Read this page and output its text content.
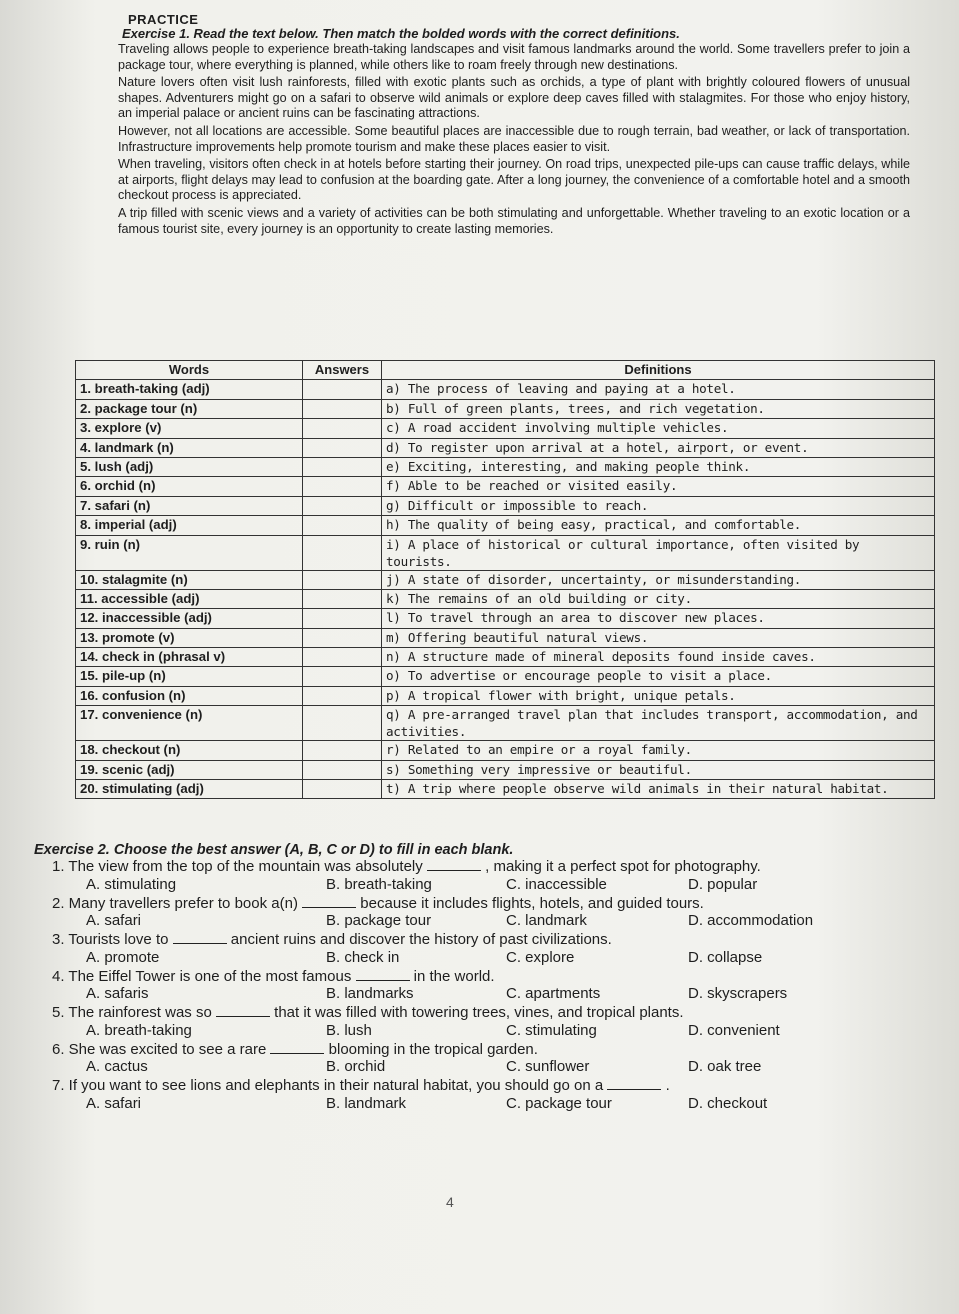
PRACTICE
Exercise 1. Read the text below. Then match the bolded words with the correct definitions.

Traveling allows people to experience breath-taking landscapes and visit famous landmarks around the world. Some travellers prefer to join a package tour, where everything is planned, while others like to roam freely through new destinations.

Nature lovers often visit lush rainforests, filled with exotic plants such as orchids, a type of plant with brightly coloured flowers of unusual shapes. Adventurers might go on a safari to observe wild animals or explore deep caves filled with stalagmites. For those who enjoy history, an imperial palace or ancient ruins can be fascinating attractions.

However, not all locations are accessible. Some beautiful places are inaccessible due to rough terrain, bad weather, or lack of transportation. Infrastructure improvements help promote tourism and make these places easier to visit.

When traveling, visitors often check in at hotels before starting their journey. On road trips, unexpected pile-ups can cause traffic delays, while at airports, flight delays may lead to confusion at the boarding gate. After a long journey, the convenience of a comfortable hotel and a smooth checkout process is appreciated.

A trip filled with scenic views and a variety of activities can be both stimulating and unforgettable. Whether traveling to an exotic location or a famous tourist site, every journey is an opportunity to create lasting memories.

Words	Answers	Definitions
1. breath-taking (adj)		a) The process of leaving and paying at a hotel.
2. package tour (n)		b) Full of green plants, trees, and rich vegetation.
3. explore (v)		c) A road accident involving multiple vehicles.
4. landmark (n)		d) To register upon arrival at a hotel, airport, or event.
5. lush (adj)		e) Exciting, interesting, and making people think.
6. orchid (n)		f) Able to be reached or visited easily.
7. safari (n)		g) Difficult or impossible to reach.
8. imperial (adj)		h) The quality of being easy, practical, and comfortable.
9. ruin (n)		i) A place of historical or cultural importance, often visited by tourists.
10. stalagmite (n)		j) A state of disorder, uncertainty, or misunderstanding.
11. accessible (adj)		k) The remains of an old building or city.
12. inaccessible (adj)		l) To travel through an area to discover new places.
13. promote (v)		m) Offering beautiful natural views.
14. check in (phrasal v)		n) A structure made of mineral deposits found inside caves.
15. pile-up (n)		o) To advertise or encourage people to visit a place.
16. confusion (n)		p) A tropical flower with bright, unique petals.
17. convenience (n)		q) A pre-arranged travel plan that includes transport, accommodation, and activities.
18. checkout (n)		r) Related to an empire or a royal family.
19. scenic (adj)		s) Something very impressive or beautiful.
20. stimulating (adj)		t) A trip where people observe wild animals in their natural habitat.
Exercise 2. Choose the best answer (A, B, C or D) to fill in each blank.
1. The view from the top of the mountain was absolutely	, making it a perfect spot for photography.
A. stimulating	B. breath-taking	C. inaccessible	D. popular
2. Many travellers prefer to book a(n)	because it includes flights, hotels, and guided tours.
A. safari	B. package tour	C. landmark	D. accommodation
3. Tourists love to	ancient ruins and discover the history of past civilizations.
A. promote	B. check in	C. explore	D. collapse
4. The Eiffel Tower is one of the most famous	in the world.
A. safaris	B. landmarks	C. apartments	D. skyscrapers
5. The rainforest was so	that it was filled with towering trees, vines, and tropical plants.
A. breath-taking	B. lush	C. stimulating	D. convenient
6. She was excited to see a rare	blooming in the tropical garden.
A. cactus	B. orchid	C. sunflower	D. oak tree
7. If you want to see lions and elephants in their natural habitat, you should go on a	.
A. safari	B. landmark	C. package tour	D. checkout
4
